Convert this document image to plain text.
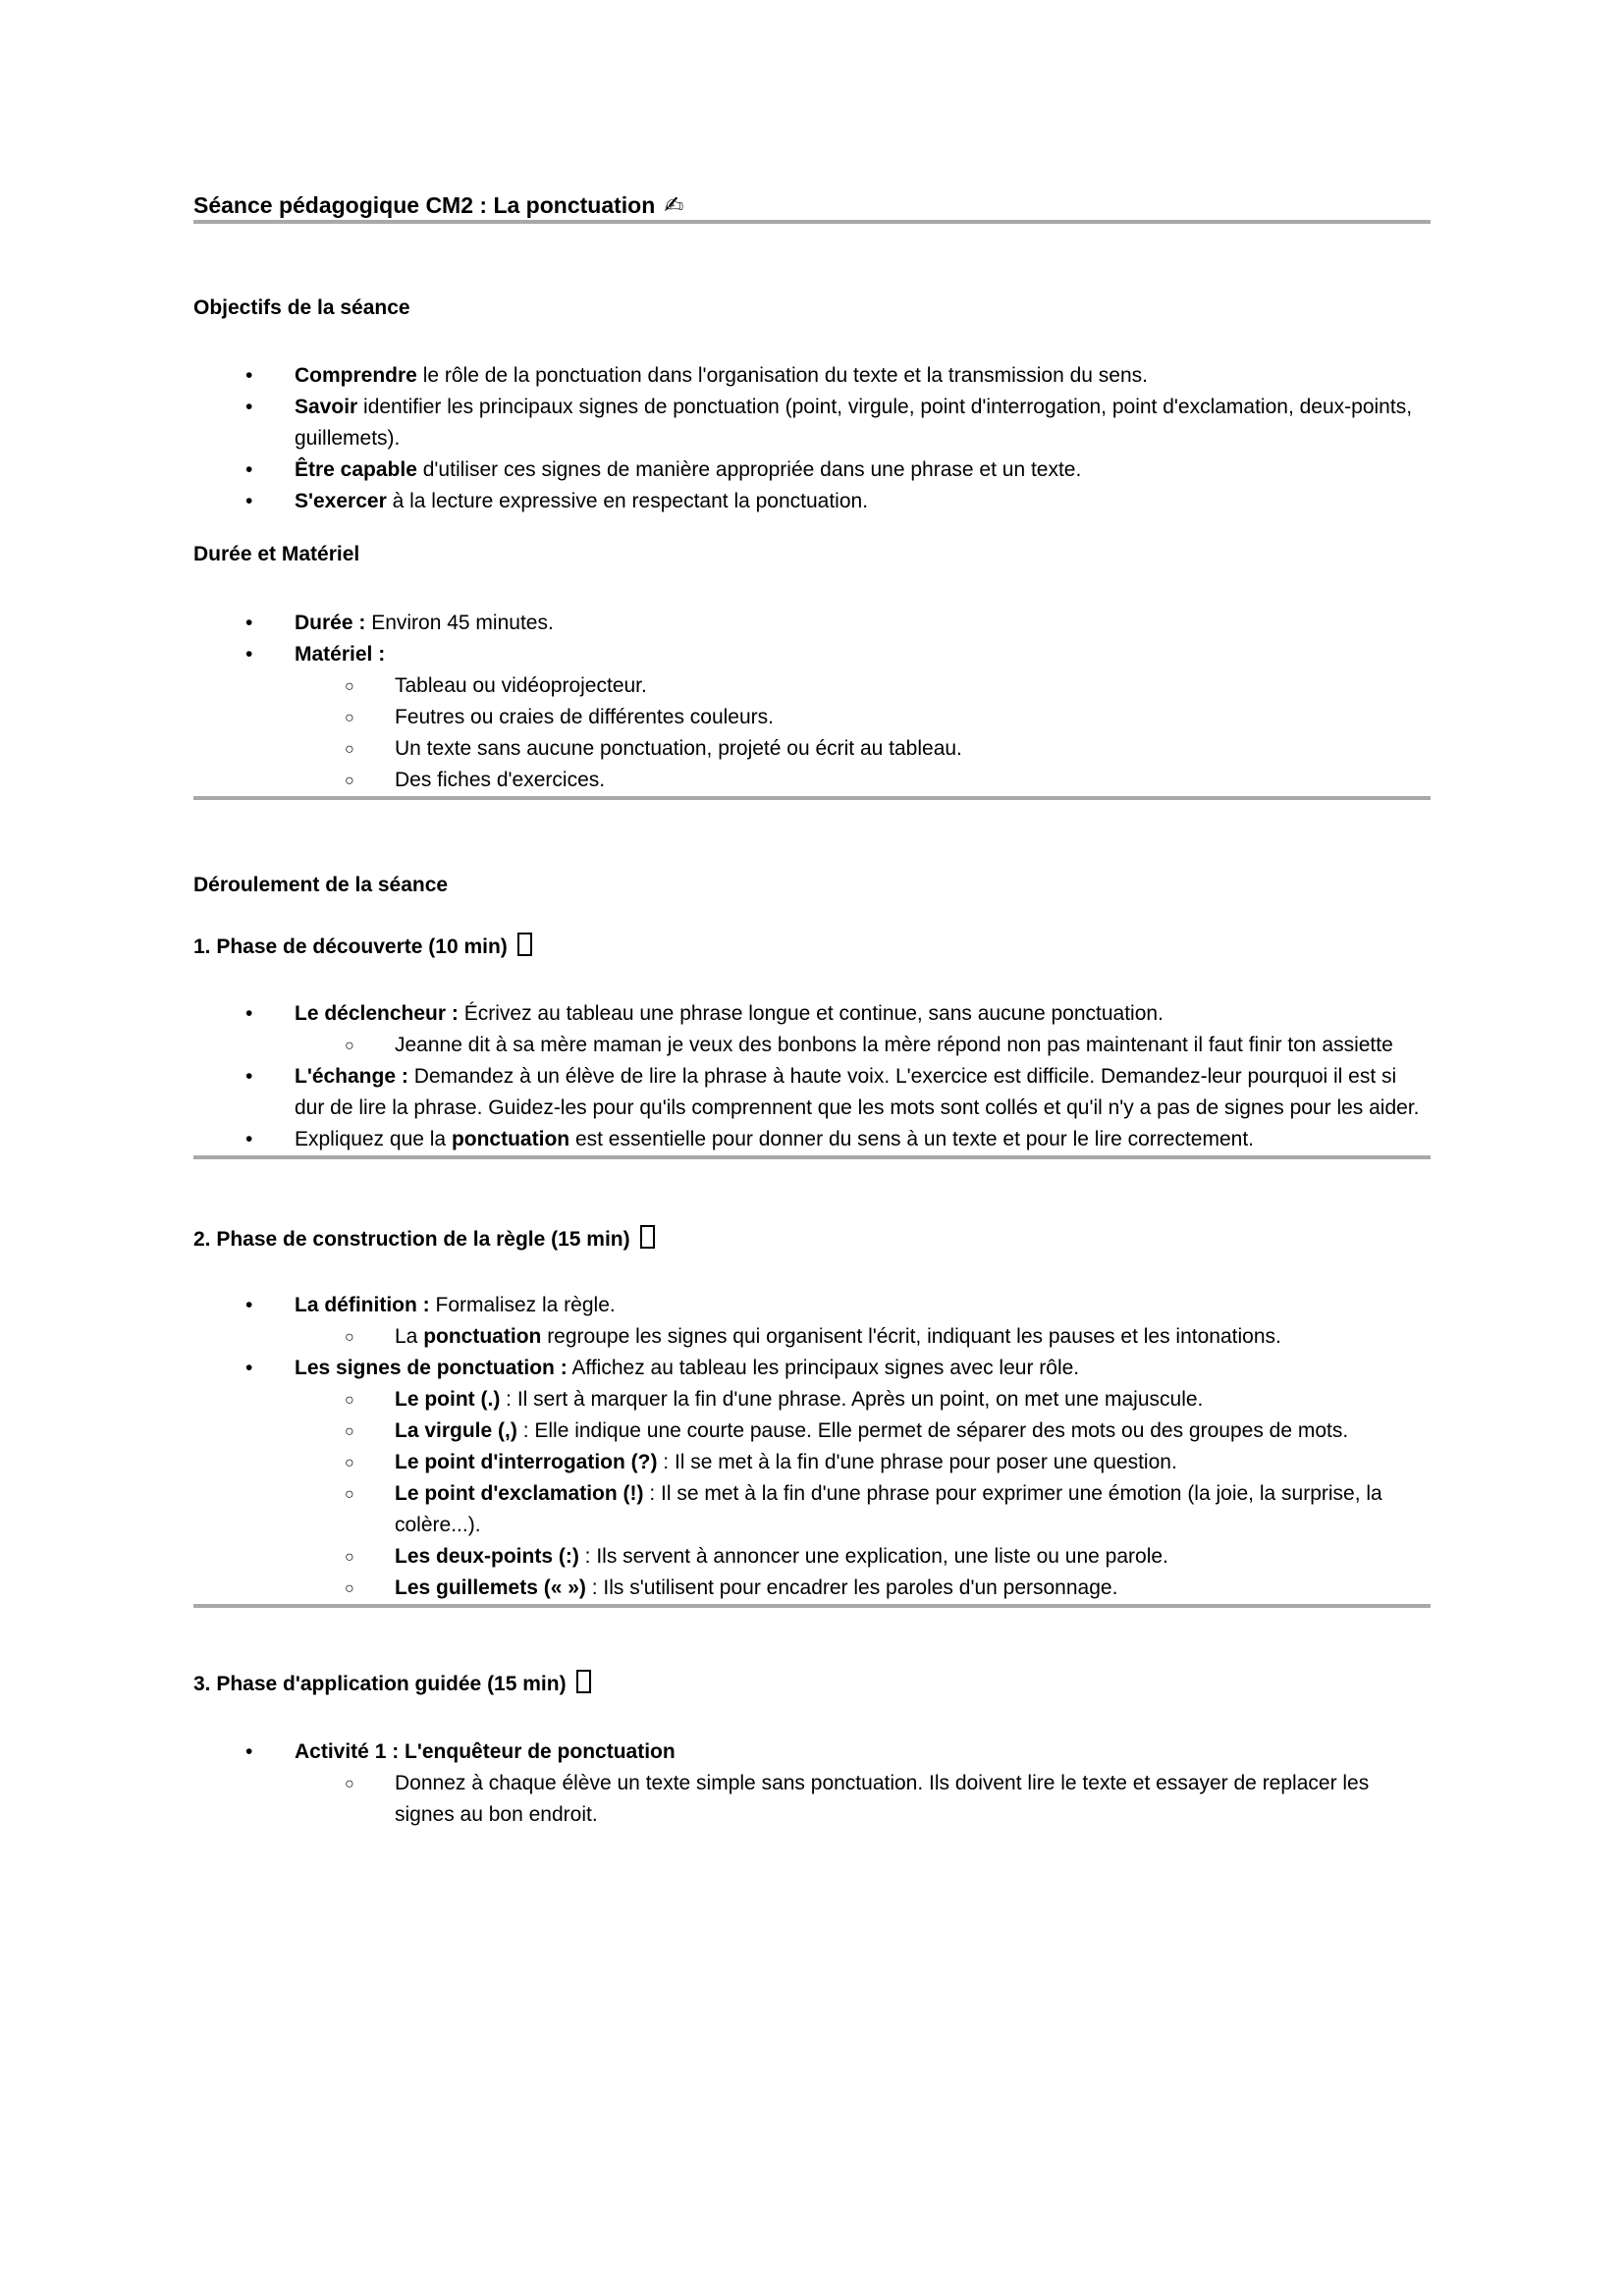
Séance pédagogique CM2 : La ponctuation ✍
Objectifs de la séance
• Comprendre le rôle de la ponctuation dans l'organisation du texte et la transmission du sens.
• Savoir identifier les principaux signes de ponctuation (point, virgule, point d'interrogation, point d'exclamation, deux-points, guillemets).
• Être capable d'utiliser ces signes de manière appropriée dans une phrase et un texte.
• S'exercer à la lecture expressive en respectant la ponctuation.
Durée et Matériel
• Durée : Environ 45 minutes.
• Matériel :
○ Tableau ou vidéoprojecteur.
○ Feutres ou craies de différentes couleurs.
○ Un texte sans aucune ponctuation, projeté ou écrit au tableau.
○ Des fiches d'exercices.
Déroulement de la séance
1. Phase de découverte (10 min)
• Le déclencheur : Écrivez au tableau une phrase longue et continue, sans aucune ponctuation.
○ Jeanne dit à sa mère maman je veux des bonbons la mère répond non pas maintenant il faut finir ton assiette
• L'échange : Demandez à un élève de lire la phrase à haute voix. L'exercice est difficile. Demandez-leur pourquoi il est si dur de lire la phrase. Guidez-les pour qu'ils comprennent que les mots sont collés et qu'il n'y a pas de signes pour les aider.
• Expliquez que la ponctuation est essentielle pour donner du sens à un texte et pour le lire correctement.
2. Phase de construction de la règle (15 min)
• La définition : Formalisez la règle.
○ La ponctuation regroupe les signes qui organisent l'écrit, indiquant les pauses et les intonations.
• Les signes de ponctuation : Affichez au tableau les principaux signes avec leur rôle.
○ Le point (.) : Il sert à marquer la fin d'une phrase. Après un point, on met une majuscule.
○ La virgule (,) : Elle indique une courte pause. Elle permet de séparer des mots ou des groupes de mots.
○ Le point d'interrogation (?) : Il se met à la fin d'une phrase pour poser une question.
○ Le point d'exclamation (!) : Il se met à la fin d'une phrase pour exprimer une émotion (la joie, la surprise, la colère...).
○ Les deux-points (:) : Ils servent à annoncer une explication, une liste ou une parole.
○ Les guillemets (« ») : Ils s'utilisent pour encadrer les paroles d'un personnage.
3. Phase d'application guidée (15 min)
• Activité 1 : L'enquêteur de ponctuation
○ Donnez à chaque élève un texte simple sans ponctuation. Ils doivent lire le texte et essayer de replacer les signes au bon endroit.
